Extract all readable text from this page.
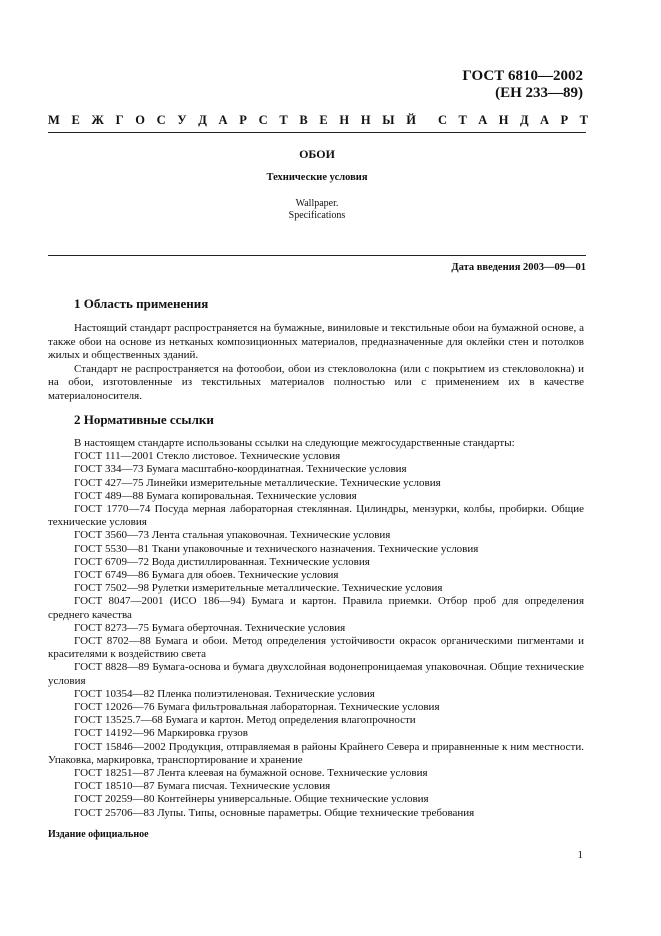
ГОСТ 6810—2002
(ЕН 233—89)
М Е Ж Г О С У Д А Р С Т В Е Н Н Ы Й С Т А Н Д А Р Т
ОБОИ
Технические условия
Wallpaper.
Specifications
Дата введения 2003—09—01
1 Область применения

Настоящий стандарт распространяется на бумажные, виниловые и текстильные обои на бумажной основе, а также обои на основе из нетканых композиционных материалов, предназначенные для оклейки стен и потолков жилых и общественных зданий.

Стандарт не распространяется на фотообои, обои из стекловолокна (или с покрытием из стекловолокна) и на обои, изготовленные из текстильных материалов полностью или с применением их в качестве материалоносителя.

2 Нормативные ссылки

В настоящем стандарте использованы ссылки на следующие межгосударственные стандарты:

ГОСТ 111—2001 Стекло листовое. Технические условия

ГОСТ 334—73 Бумага масштабно-координатная. Технические условия

ГОСТ 427—75 Линейки измерительные металлические. Технические условия

ГОСТ 489—88 Бумага копировальная. Технические условия

ГОСТ 1770—74 Посуда мерная лабораторная стеклянная. Цилиндры, мензурки, колбы, пробирки. Общие технические условия

ГОСТ 3560—73 Лента стальная упаковочная. Технические условия

ГОСТ 5530—81 Ткани упаковочные и технического назначения. Технические условия

ГОСТ 6709—72 Вода дистиллированная. Технические условия

ГОСТ 6749—86 Бумага для обоев. Технические условия

ГОСТ 7502—98 Рулетки измерительные металлические. Технические условия

ГОСТ 8047—2001 (ИСО 186—94) Бумага и картон. Правила приемки. Отбор проб для определения среднего качества

ГОСТ 8273—75 Бумага оберточная. Технические условия

ГОСТ 8702—88 Бумага и обои. Метод определения устойчивости окрасок органическими пигментами и красителями к воздействию света

ГОСТ 8828—89 Бумага-основа и бумага двухслойная водонепроницаемая упаковочная. Общие технические условия

ГОСТ 10354—82 Пленка полиэтиленовая. Технические условия

ГОСТ 12026—76 Бумага фильтровальная лабораторная. Технические условия

ГОСТ 13525.7—68 Бумага и картон. Метод определения влагопрочности

ГОСТ 14192—96 Маркировка грузов

ГОСТ 15846—2002 Продукция, отправляемая в районы Крайнего Севера и приравненные к ним местности. Упаковка, маркировка, транспортирование и хранение

ГОСТ 18251—87 Лента клеевая на бумажной основе. Технические условия

ГОСТ 18510—87 Бумага писчая. Технические условия

ГОСТ 20259—80 Контейнеры универсальные. Общие технические условия

ГОСТ 25706—83 Лупы. Типы, основные параметры. Общие технические требования

Издание официальное
1
